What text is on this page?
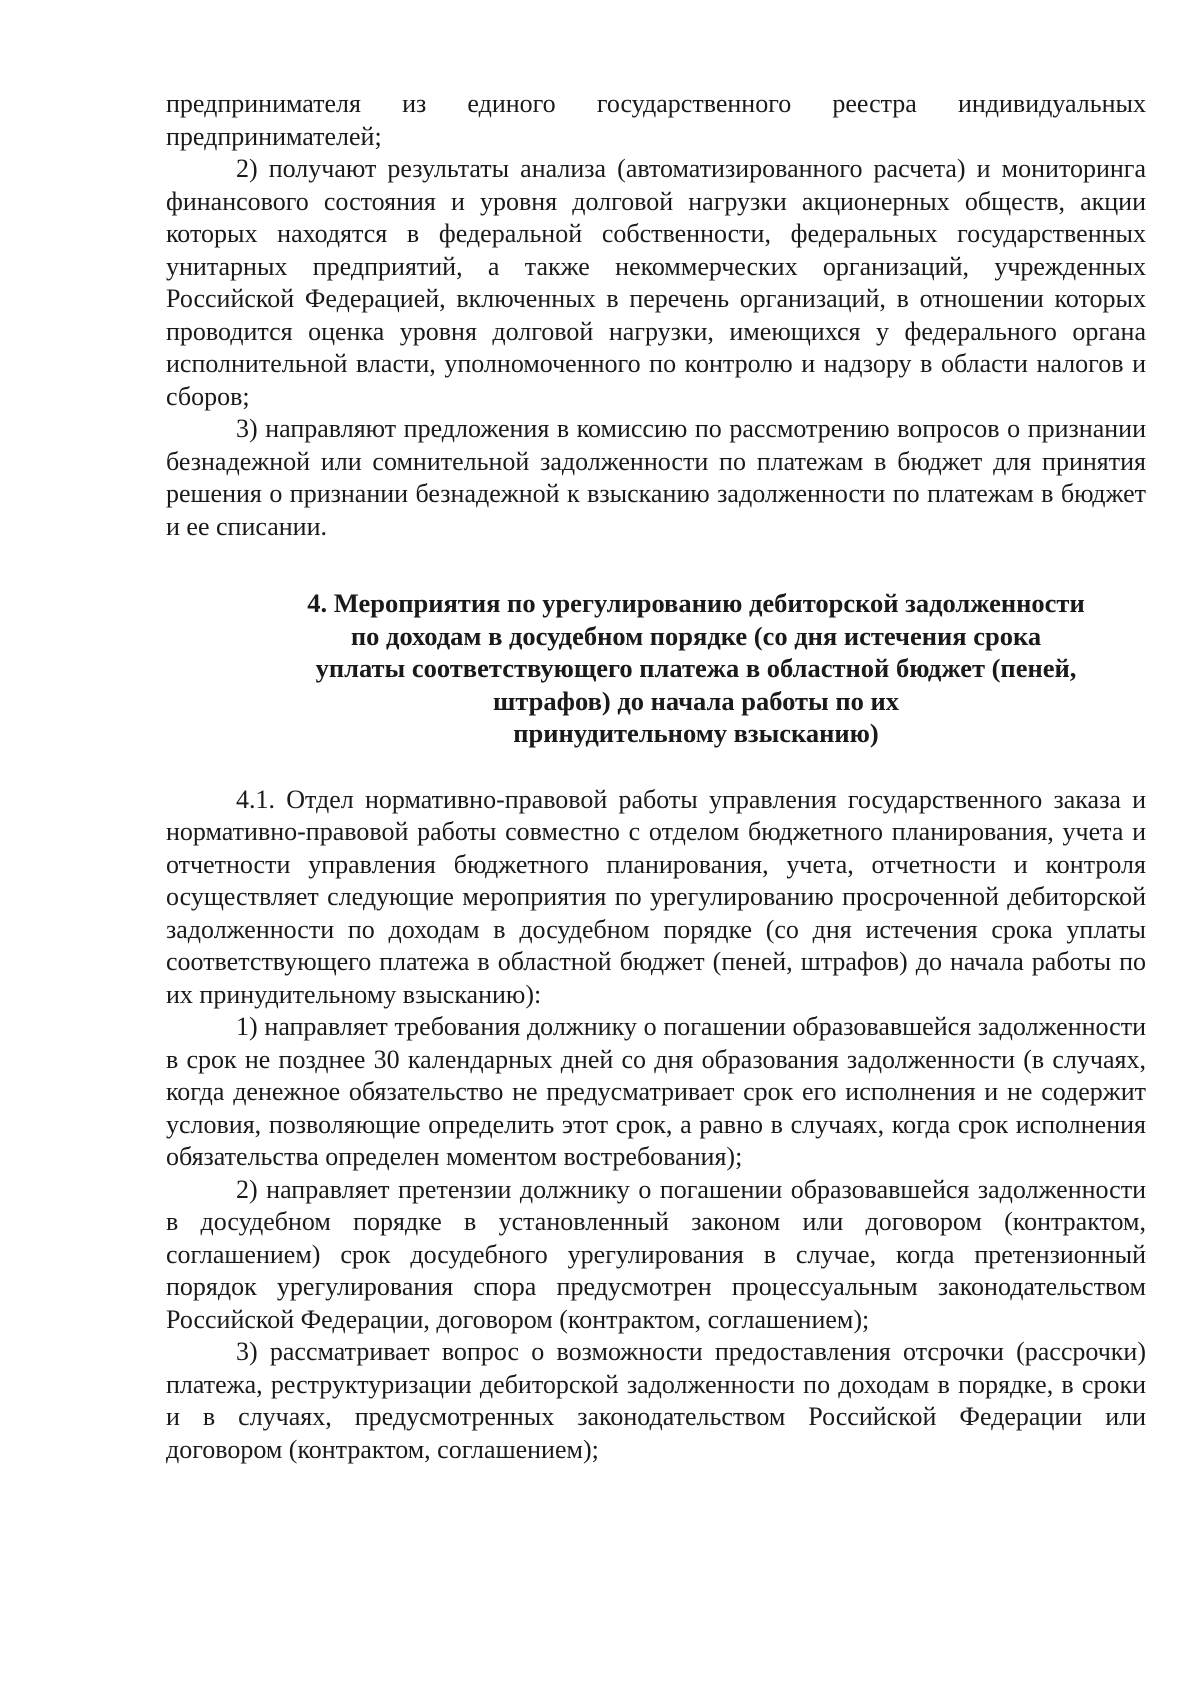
предпринимателя из единого государственного реестра индивидуальных предпринимателей;

2) получают результаты анализа (автоматизированного расчета) и мониторинга финансового состояния и уровня долговой нагрузки акционерных обществ, акции которых находятся в федеральной собственности, федеральных государственных унитарных предприятий, а также некоммерческих организаций, учрежденных Российской Федерацией, включенных в перечень организаций, в отношении которых проводится оценка уровня долговой нагрузки, имеющихся у федерального органа исполнительной власти, уполномоченного по контролю и надзору в области налогов и сборов;

3) направляют предложения в комиссию по рассмотрению вопросов о признании безнадежной или сомнительной задолженности по платежам в бюджет для принятия решения о признании безнадежной к взысканию задолженности по платежам в бюджет и ее списании.

4. Мероприятия по урегулированию дебиторской задолженности
по доходам в досудебном порядке (со дня истечения срока
уплаты соответствующего платежа в областной бюджет (пеней,
штрафов) до начала работы по их
принудительному взысканию)

4.1. Отдел нормативно-правовой работы управления государственного заказа и нормативно-правовой работы совместно с отделом бюджетного планирования, учета и отчетности управления бюджетного планирования, учета, отчетности и контроля осуществляет следующие мероприятия по урегулированию просроченной дебиторской задолженности по доходам в досудебном порядке (со дня истечения срока уплаты соответствующего платежа в областной бюджет (пеней, штрафов) до начала работы по их принудительному взысканию):

1) направляет требования должнику о погашении образовавшейся задолженности в срок не позднее 30 календарных дней со дня образования задолженности (в случаях, когда денежное обязательство не предусматривает срок его исполнения и не содержит условия, позволяющие определить этот срок, а равно в случаях, когда срок исполнения обязательства определен моментом востребования);

2) направляет претензии должнику о погашении образовавшейся задолженности в досудебном порядке в установленный законом или договором (контрактом, соглашением) срок досудебного урегулирования в случае, когда претензионный порядок урегулирования спора предусмотрен процессуальным законодательством Российской Федерации, договором (контрактом, соглашением);

3) рассматривает вопрос о возможности предоставления отсрочки (рассрочки) платежа, реструктуризации дебиторской задолженности по доходам в порядке, в сроки и в случаях, предусмотренных законодательством Российской Федерации или договором (контрактом, соглашением);
